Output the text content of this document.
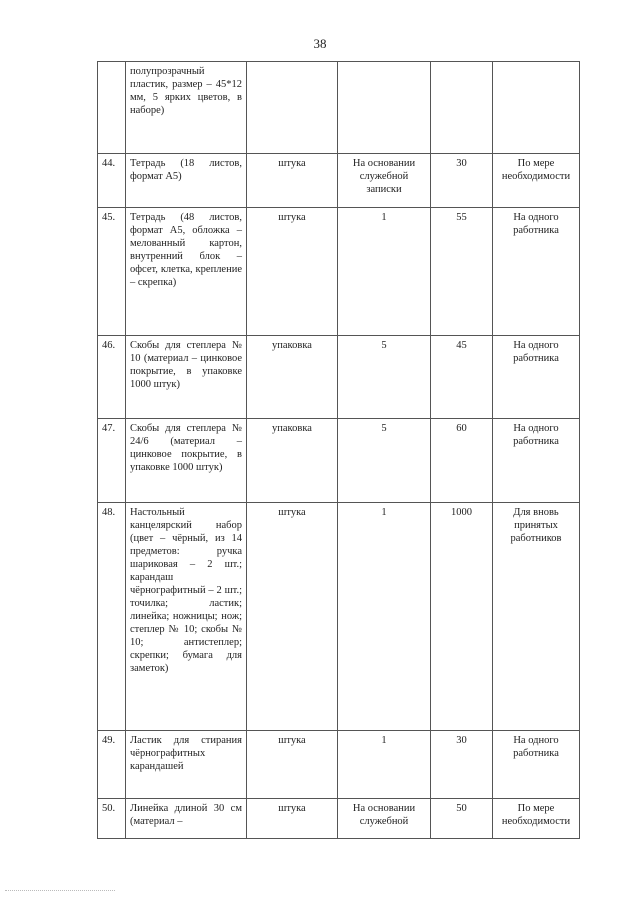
38
	полупрозрачный пластик, размер – 45*12 мм, 5 ярких цветов, в наборе)				
44.	Тетрадь (18 листов, формат А5)	штука	На основании служебной записки	30	По мере необходимости
45.	Тетрадь (48 листов, формат А5, обложка – мелованный картон, внутренний блок – офсет, клетка, крепление – скрепка)	штука	1	55	На одного работника
46.	Скобы для степлера № 10 (материал – цинковое покрытие, в упаковке 1000 штук)	упаковка	5	45	На одного работника
47.	Скобы для степлера № 24/6 (материал – цинковое покрытие, в упаковке 1000 штук)	упаковка	5	60	На одного работника
48.	Настольный канцелярский набор (цвет – чёрный, из 14 предметов: ручка шариковая – 2 шт.; карандаш чёрнографитный – 2 шт.; точилка; ластик; линейка; ножницы; нож; степлер № 10; скобы № 10; антистеплер; скрепки; бумага для заметок)	штука	1	1000	Для вновь принятых работников
49.	Ластик для стирания чёрнографитных карандашей	штука	1	30	На одного работника
50.	Линейка длиной 30 см (материал –	штука	На основании служебной	50	По мере необходимости
